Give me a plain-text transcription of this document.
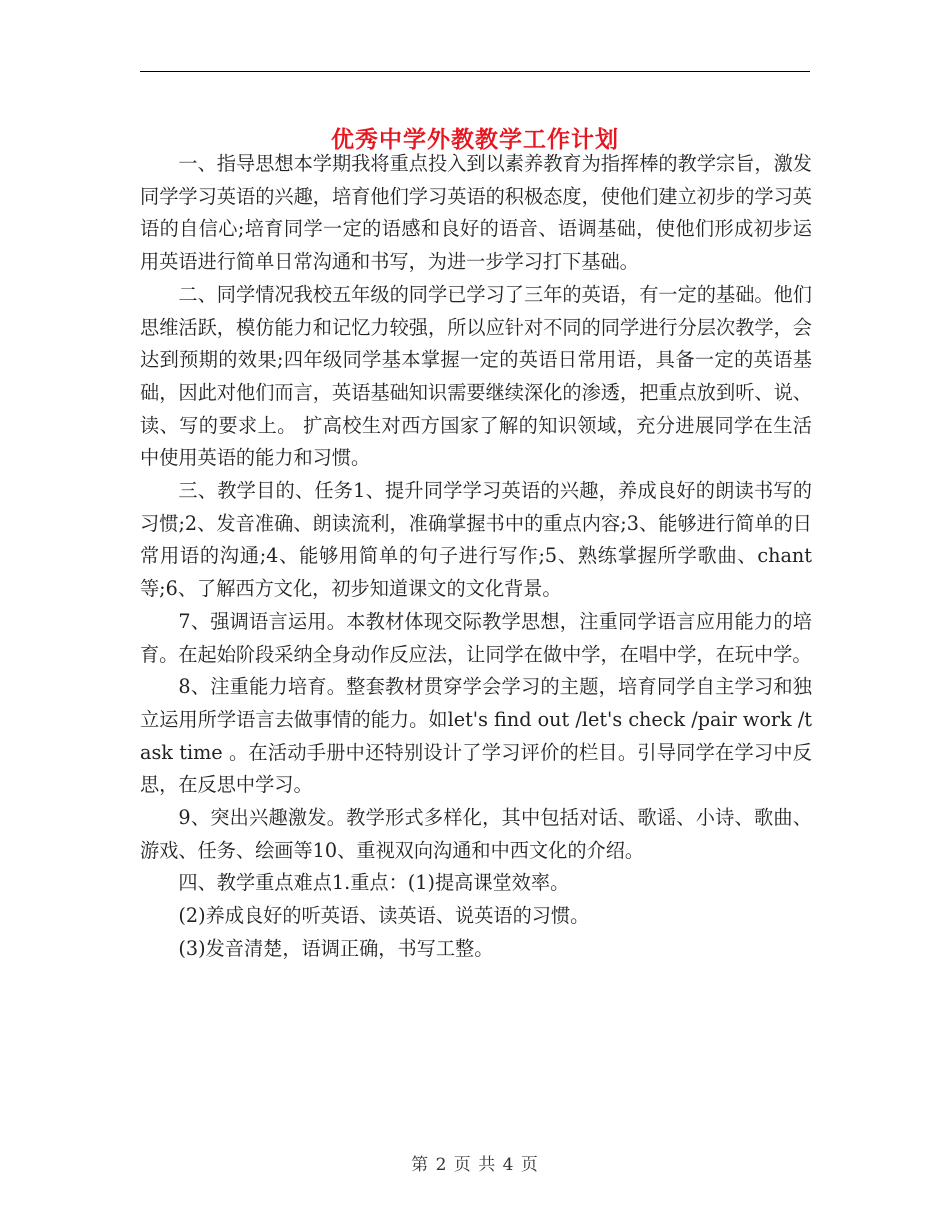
优秀中学外教教学工作计划

一、指导思想本学期我将重点投入到以素养教育为指挥棒的教学宗旨，激发同学学习英语的兴趣，培育他们学习英语的积极态度，使他们建立初步的学习英语的自信心;培育同学一定的语感和良好的语音、语调基础，使他们形成初步运用英语进行简单日常沟通和书写，为进一步学习打下基础。

二、同学情况我校五年级的同学已学习了三年的英语，有一定的基础。他们思维活跃，模仿能力和记忆力较强，所以应针对不同的同学进行分层次教学，会达到预期的效果;四年级同学基本掌握一定的英语日常用语，具备一定的英语基础，因此对他们而言，英语基础知识需要继续深化的渗透，把重点放到听、说、读、写的要求上。 扩高校生对西方国家了解的知识领域，充分进展同学在生活中使用英语的能力和习惯。

三、教学目的、任务1、提升同学学习英语的兴趣，养成良好的朗读书写的习惯;2、发音准确、朗读流利，准确掌握书中的重点内容;3、能够进行简单的日常用语的沟通;4、能够用简单的句子进行写作;5、熟练掌握所学歌曲、chant等;6、了解西方文化，初步知道课文的文化背景。

7、强调语言运用。本教材体现交际教学思想，注重同学语言应用能力的培育。在起始阶段采纳全身动作反应法，让同学在做中学，在唱中学，在玩中学。

8、注重能力培育。整套教材贯穿学会学习的主题，培育同学自主学习和独立运用所学语言去做事情的能力。如let's find out /let's check /pair work /task time 。在活动手册中还特别设计了学习评价的栏目。引导同学在学习中反思，在反思中学习。

9、突出兴趣激发。教学形式多样化，其中包括对话、歌谣、小诗、歌曲、游戏、任务、绘画等10、重视双向沟通和中西文化的介绍。

四、教学重点难点1.重点：(1)提高课堂效率。

(2)养成良好的听英语、读英语、说英语的习惯。

(3)发音清楚，语调正确，书写工整。

第 2 页 共 4 页
